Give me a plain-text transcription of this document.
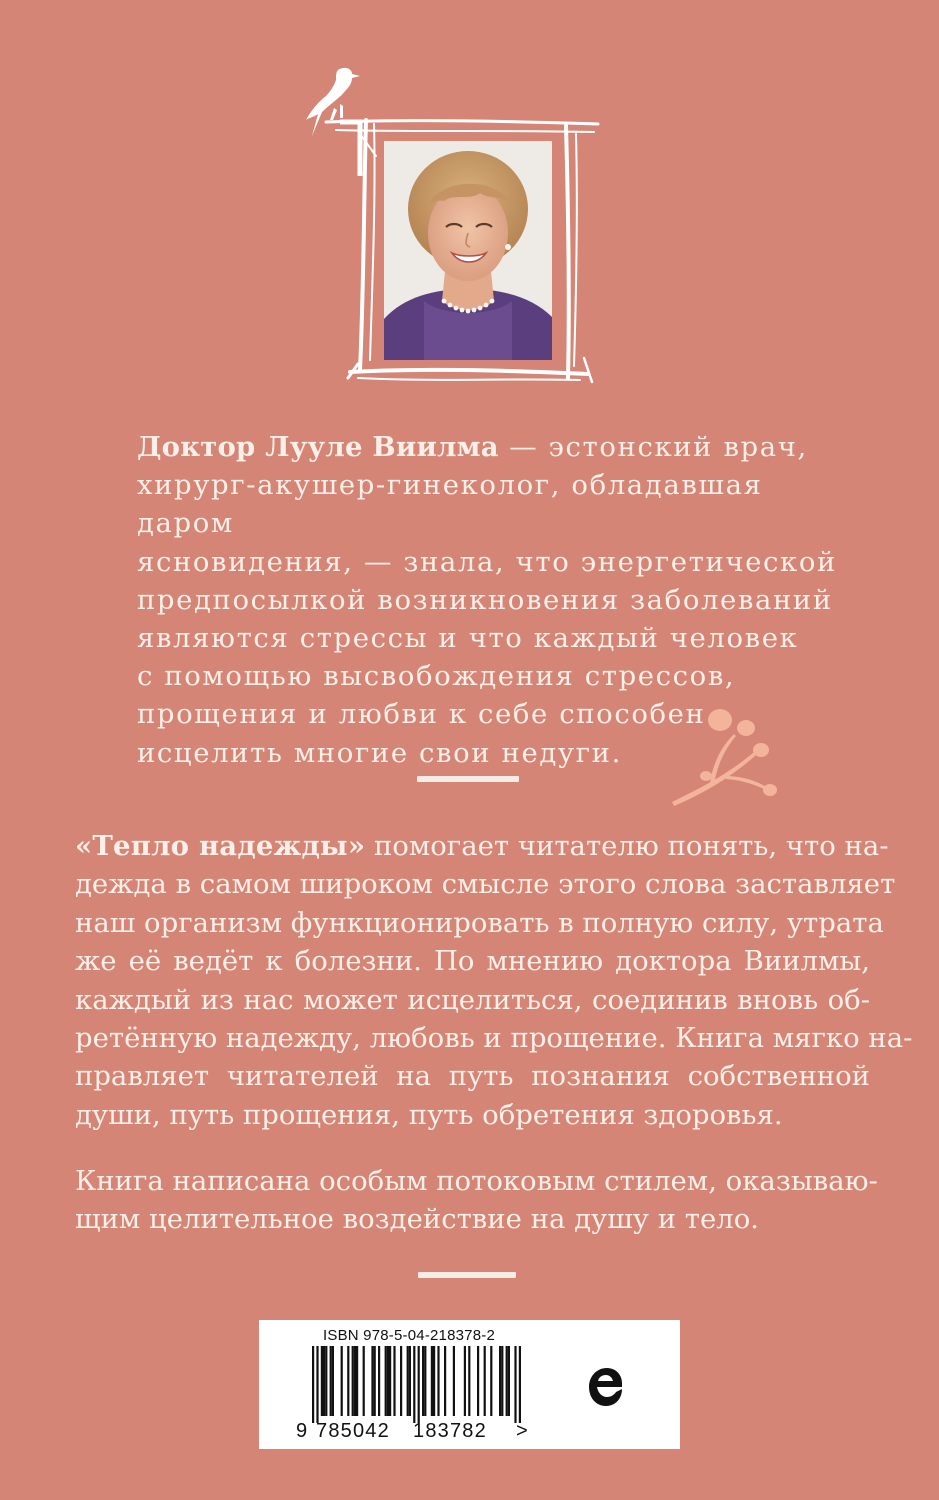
Доктор Лууле Виилма — эстонский врач,
хирург-акушер-гинеколог, обладавшая даром
ясновидения, — знала, что энергетической
предпосылкой возникновения заболеваний
являются стрессы и что каждый человек
с помощью высвобождения стрессов,
прощения и любви к себе способен
исцелить многие свои недуги.

«Тепло надежды» помогает читателю понять, что на-
дежда в самом широком смысле этого слова заставляет
наш организм функционировать в полную силу, утрата
же её ведёт к болезни. По мнению доктора Виилмы,
каждый из нас может исцелиться, соединив вновь об-
ретённую надежду, любовь и прощение. Книга мягко на-
правляет читателей на путь познания собственной
души, путь прощения, путь обретения здоровья.

Книга написана особым потоковым стилем, оказываю-
щим целительное воздействие на душу и тело.

ISBN 978-5-04-218378-2
9 785042 183782 >
